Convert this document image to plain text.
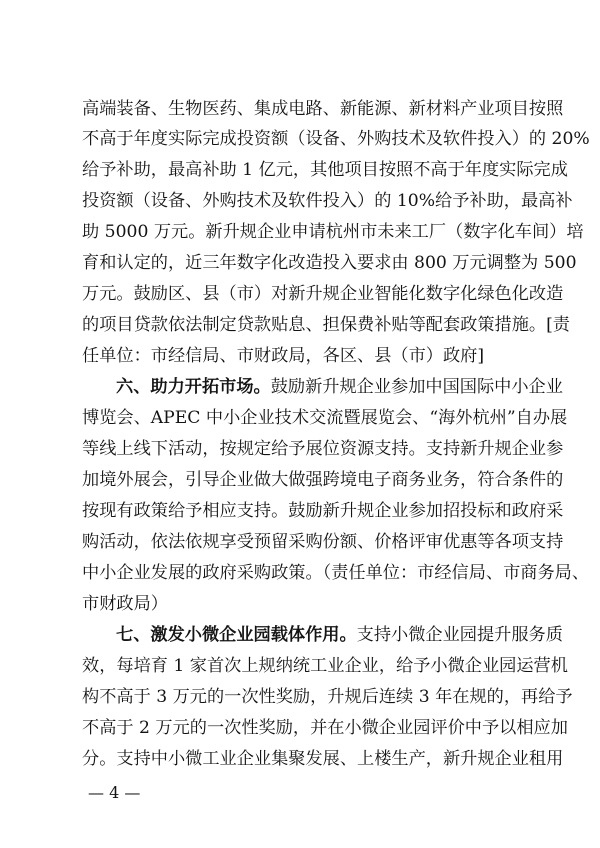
高端装备、生物医药、集成电路、新能源、新材料产业项目按照
不高于年度实际完成投资额（设备、外购技术及软件投入）的 20%
给予补助，最高补助 1 亿元，其他项目按照不高于年度实际完成
投资额（设备、外购技术及软件投入）的 10%给予补助，最高补
助 5000 万元。新升规企业申请杭州市未来工厂（数字化车间）培
育和认定的，近三年数字化改造投入要求由 800 万元调整为 500
万元。鼓励区、县（市）对新升规企业智能化数字化绿色化改造
的项目贷款依法制定贷款贴息、担保费补贴等配套政策措施。[责
任单位：市经信局、市财政局，各区、县（市）政府]
六、助力开拓市场。鼓励新升规企业参加中国国际中小企业
博览会、APEC 中小企业技术交流暨展览会、“海外杭州”自办展
等线上线下活动，按规定给予展位资源支持。支持新升规企业参
加境外展会，引导企业做大做强跨境电子商务业务，符合条件的
按现有政策给予相应支持。鼓励新升规企业参加招投标和政府采
购活动，依法依规享受预留采购份额、价格评审优惠等各项支持
中小企业发展的政府采购政策。（责任单位：市经信局、市商务局、
市财政局）
七、激发小微企业园载体作用。支持小微企业园提升服务质
效，每培育 1 家首次上规纳统工业企业，给予小微企业园运营机
构不高于 3 万元的一次性奖励，升规后连续 3 年在规的，再给予
不高于 2 万元的一次性奖励，并在小微企业园评价中予以相应加
分。支持中小微工业企业集聚发展、上楼生产，新升规企业租用
— 4 —
